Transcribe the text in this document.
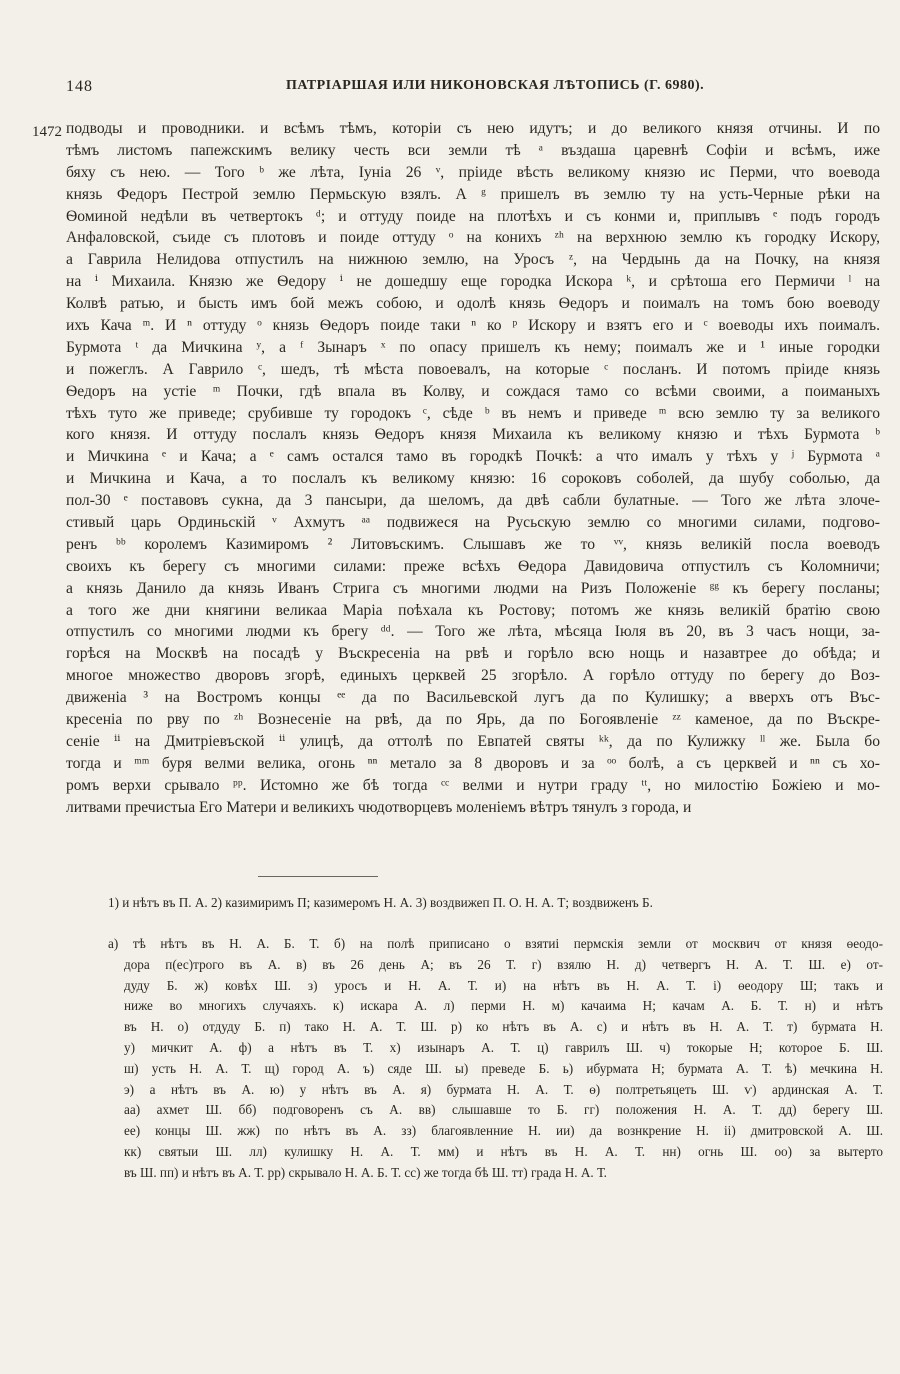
148	ПАТРІАРШАЯ ИЛИ НИКОНОВСКАЯ ЛѢТОПИСЬ (Г. 6980).
1472 подводы и проводники. и всѣмъ тѣмъ, которiи съ нею идутъ; и до великого князя отчины. И по
тѣмъ листомъ папежскимъ велику честь вси земли тѣ ᵃ въздаша царевнѣ Софіи и всѣмъ, иже
бяху съ нею. — Того ᵇ же лѣта, Іуніа 26 ᵛ, пріиде вѣсть великому князю ис Перми, что воевода
князь Федоръ Пестрой землю Пермьскую взялъ. А ᵍ пришелъ въ землю ту на усть-Черные рѣки на
Ѳоминой недѣли въ четвертокъ ᵈ; и оттуду поиде на плотѣхъ и съ конми и, приплывъ ᵉ подъ городъ
Анфаловской, съиде съ плотовъ и поиде оттуду ᵒ на конихъ ᶻʰ на верхнюю землю къ городку Искору,
а Гаврила Нелидова отпустилъ на нижнюю землю, на Уросъ ᶻ, на Чердынь да на Почку, на князя
на ⁱ Михаила. Князю же Ѳедору ⁱ не дошедшу еще городка Искора ᵏ, и срѣтоша его Пермичи ˡ на
Колвѣ ратью, и бысть имъ бой межъ собою, и одолѣ князь Ѳедоръ и поималъ на томъ бою воеводу
ихъ Кача ᵐ. И ⁿ оттуду ᵒ князь Ѳедоръ поиде таки ⁿ ко ᵖ Искору и взятъ его и ᶜ воеводы ихъ поималъ.
Бурмота ᵗ да Мичкина ʸ, а ᶠ Зынаръ ˣ по опасу пришелъ къ нему; поималъ же и ¹ иные городки
и пожеглъ. А Гаврило ᶜ, шедъ, тѣ мѣста повоевалъ, на которые ᶜ посланъ. И потомъ пріиде князь
Ѳедоръ на устіе ᵐ Почки, гдѣ впала въ Колву, и сождася тамо со всѣми своими, а поиманыхъ
тѣхъ туто же приведе; срубивше ту городокъ ᶜ, сѣде ᵇ въ немъ и приведе ᵐ всю землю ту за великого
кого князя. И оттуду послалъ князь Ѳедоръ князя Михаила къ великому князю и тѣхъ Бурмота ᵇ
и Мичкина ᵉ и Кача; а ᵉ самъ остался тамо въ городкѣ Почкѣ: а что ималъ у тѣхъ у ʲ Бурмота ᵃ
и Мичкина и Кача, а то послалъ къ великому князю: 16 сороковъ соболей, да шубу соболью, да
пол-30 ᵉ поставовъ сукна, да 3 пансыри, да шеломъ, да двѣ сабли булатные. — Того же лѣта злоче-
стивый царь Ординьскій ᵛ Ахмутъ ᵃᵃ подвижеся на Русьскую землю со многими силами, подгово-
ренъ ᵇᵇ королемъ Казимиромъ ² Литовъскимъ. Слышавъ же то ᵛᵛ, князь великій посла воеводъ
своихъ къ берегу съ многими силами: прежe всѣхъ Ѳедора Давидовича отпустилъ съ Коломничи;
а князь Данило да князь Иванъ Стрига съ многими людми на Ризъ Положеніе ᵍᵍ къ берегу посланы;
а того же дни княгини великаа Маріа поѣхала къ Ростову; потомъ же князь великій братію свою
отпустилъ со многими людми къ брегу ᵈᵈ. — Того же лѣта, мѣсяца Іюля въ 20, въ 3 часъ нощи, за-
горѣся на Москвѣ на посадѣ у Въскресеніа на рвѣ и горѣло всю нощь и назавтрее до обѣда; и
многое множество дворовъ згорѣ, единыхъ церквей 25 згорѣло. А горѣло оттуду по берегу до Воз-
движеніа ³ на Востромъ концы ᵉᵉ да по Васильевской лугъ да по Кулишку; а вверхъ отъ Въс-
кресеніа по рву по ᶻʰ Вознесеніе на рвѣ, да по Ярь, да по Богоявленіе ᶻᶻ каменое, да по Въскре-
сеніе ⁱⁱ на Дмитріевъской ⁱⁱ улицѣ, да оттолѣ по Евпатей святы ᵏᵏ, да по Кулижку ˡˡ же. Была бо
тогда и ᵐᵐ буря велми велика, огонь ⁿⁿ метало за 8 дворовъ и за ᵒᵒ болѣ, а съ церквей и ⁿⁿ съ хо-
ромъ верхи срывало ᵖᵖ. Истомно же бѣ тогда ᶜᶜ велми и нутри граду ᵗᵗ, но милостію Божіею и мо-
литвами пречистыа Его Матери и великихъ чюдотворцевъ моленіемъ вѣтръ тянулъ з города, и
1) и нѣтъ въ П. А. 2) казимиримъ П; казимеромъ Н. А. 3) воздвижеп П. О. Н. А. Т; воздвиженъ Б.
а) тѣ нѣтъ въ Н. А. Б. Т. б) на полѣ приписано о взятиі пермскія земли от москвич от князя ѳеодо-
дора п(ес)трого въ А. в) въ 26 день А; въ 26 Т. г) взялю Н. д) четвергъ Н. А. Т. Ш. е) от-
дуду Б. ж) ковѣх Ш. з) уросъ и Н. А. Т. и) на нѣтъ въ Н. А. Т. і) ѳеодору Ш; такъ и
ниже во многихъ случаяхъ. к) искара А. л) перми Н. м) качаима Н; качам А. Б. Т. н) и нѣтъ
въ Н. о) отдуду Б. п) тако Н. А. Т. Ш. р) ко нѣтъ въ А. с) и нѣтъ въ Н. А. Т. т) бурмата Н.
у) мичкит А. ф) а нѣтъ въ Т. х) изынаръ А. Т. ц) гаврилъ Ш. ч) токорые Н; которое Б. Ш.
ш) усть Н. А. Т. щ) город А. ъ) сяде Ш. ы) преведе Б. ь) ибурмата Н; бурмата А. Т. ѣ) мечкина Н.
э) а нѣтъ въ А. ю) у нѣтъ въ А. я) бурмата Н. А. Т. ѳ) полтретьяцеть Ш. ѵ) ардинская А. Т.
аа) ахмет Ш. бб) подговоренъ съ А. вв) слышавше то Б. гг) положения Н. А. Т. дд) берегу Ш.
ее) концы Ш. жж) по нѣтъ въ А. зз) благоявленние Н. ии) да вознкрение Н. іі) дмитровской А. Ш.
кк) святыи Ш. лл) кулишку Н. А. Т. мм) и нѣтъ въ Н. А. Т. нн) огнь Ш. оо) за вытерто
въ Ш. пп) и нѣтъ въ А. Т. рр) скрывало Н. А. Б. Т. сс) же тогда бѣ Ш. тт) града Н. А. Т.
